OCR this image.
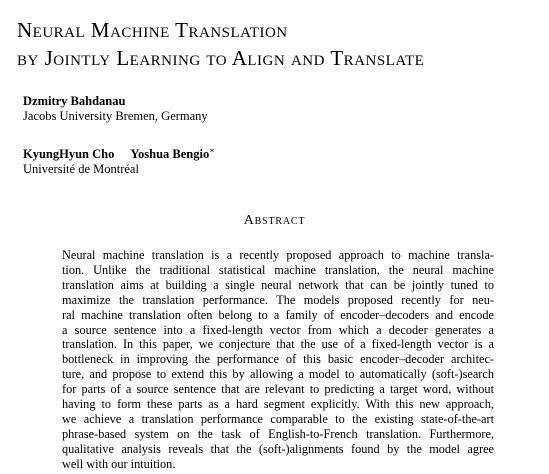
Neural Machine Translation
by Jointly Learning to Align and Translate
Dzmitry Bahdanau
Jacobs University Bremen, Germany
KyungHyun Cho Yoshua Bengio∗
Université de Montréal
Abstract
Neural machine translation is a recently proposed approach to machine transla-
tion. Unlike the traditional statistical machine translation, the neural machine
translation aims at building a single neural network that can be jointly tuned to
maximize the translation performance. The models proposed recently for neu-
ral machine translation often belong to a family of encoder–decoders and encode
a source sentence into a fixed-length vector from which a decoder generates a
translation. In this paper, we conjecture that the use of a fixed-length vector is a
bottleneck in improving the performance of this basic encoder–decoder architec-
ture, and propose to extend this by allowing a model to automatically (soft-)search
for parts of a source sentence that are relevant to predicting a target word, without
having to form these parts as a hard segment explicitly. With this new approach,
we achieve a translation performance comparable to the existing state-of-the-art
phrase-based system on the task of English-to-French translation. Furthermore,
qualitative analysis reveals that the (soft-)alignments found by the model agree
well with our intuition.
